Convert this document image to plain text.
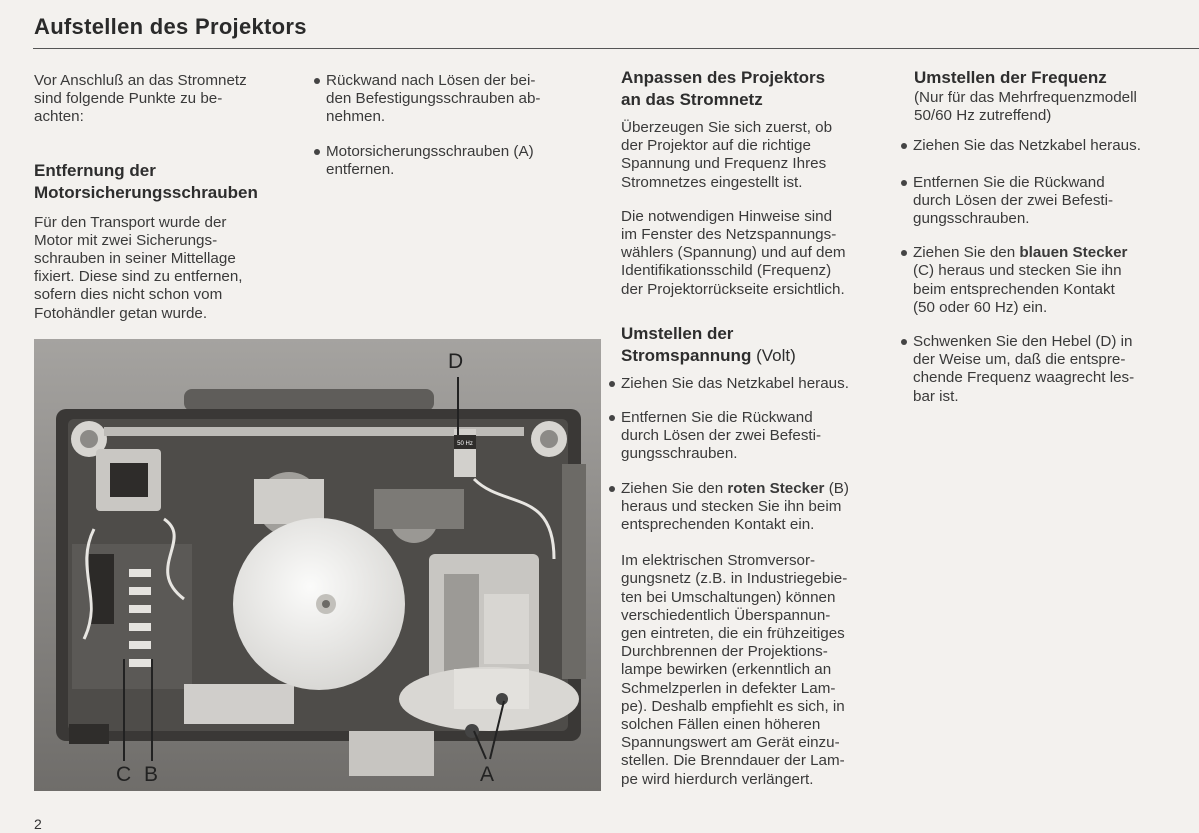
Aufstellen des Projektors

Vor Anschluß an das Stromnetz
sind folgende Punkte zu be-
achten:

Entfernung der
Motorsicherungsschrauben

Für den Transport wurde der
Motor mit zwei Sicherungs-
schrauben in seiner Mittellage
fixiert. Diese sind zu entfernen,
sofern dies nicht schon vom
Fotohändler getan wurde.

Rückwand nach Lösen der bei-
den Befestigungsschrauben ab-
nehmen.

Motorsicherungsschrauben (A)
entfernen.

Anpassen des Projektors
an das Stromnetz

Überzeugen Sie sich zuerst, ob
der Projektor auf die richtige
Spannung und Frequenz Ihres
Stromnetzes eingestellt ist.

Die notwendigen Hinweise sind
im Fenster des Netzspannungs-
wählers (Spannung) und auf dem
Identifikationsschild (Frequenz)
der Projektorrückseite ersichtlich.

Umstellen der
Stromspannung (Volt)

Ziehen Sie das Netzkabel heraus.

Entfernen Sie die Rückwand
durch Lösen der zwei Befesti-
gungsschrauben.

Ziehen Sie den roten Stecker (B)
heraus und stecken Sie ihn beim
entsprechenden Kontakt ein.

Im elektrischen Stromversor-
gungsnetz (z.B. in Industriegebie-
ten bei Umschaltungen) können
verschiedentlich Überspannun-
gen eintreten, die ein frühzeitiges
Durchbrennen der Projektions-
lampe bewirken (erkenntlich an
Schmelzperlen in defekter Lam-
pe). Deshalb empfiehlt es sich, in
solchen Fällen einen höheren
Spannungswert am Gerät einzu-
stellen. Die Brenndauer der Lam-
pe wird hierdurch verlängert.

Umstellen der Frequenz

(Nur für das Mehrfrequenzmodell
50/60 Hz zutreffend)

Ziehen Sie das Netzkabel heraus.

Entfernen Sie die Rückwand
durch Lösen der zwei Befesti-
gungsschrauben.

Ziehen Sie den blauen Stecker
(C) heraus und stecken Sie ihn
beim entsprechenden Kontakt
(50 oder 60 Hz) ein.

Schwenken Sie den Hebel (D) in
der Weise um, daß die entspre-
chende Frequenz waagrecht les-
bar ist.

50 Hz
D
C B	A
2
